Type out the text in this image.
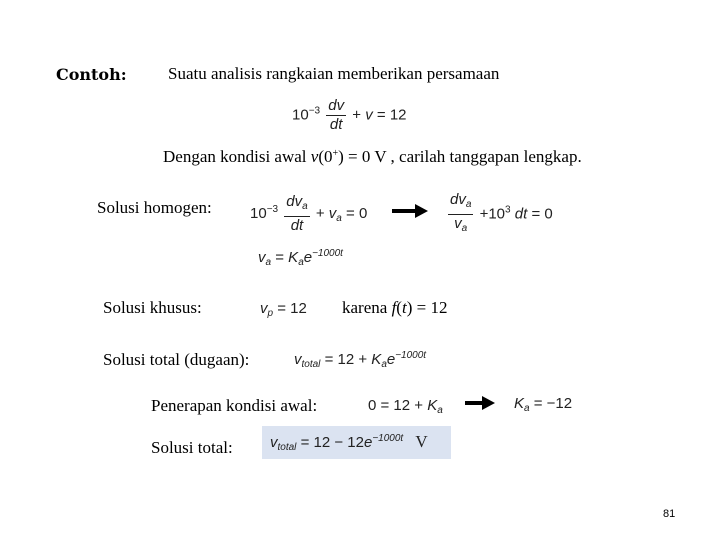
Contoh: Suatu analisis rangkaian memberikan persamaan
$10^{-3} \frac{dv}{dt} + v = 12$
Dengan kondisi awal v(0+) = 0 V , carilah tanggapan lengkap.
Solusi homogen:	$10^{-3} \frac{dv_a}{dt} + v_a = 0$	$\frac{dv_a}{v_a} +10^3$ dt = 0
$v_a = K_ae^{-1000t}$
Solusi khusus:	$v_p = 12$ karena f(t) = 12
Solusi total (dugaan):	$v_{total} = 12 + K_ae^{-1000t}$
Penerapan kondisi awal:	$0 = 12 + K_a$	$K_a = -12$
Solusi total:	$v_{total} = 12 - 12e^{-1000t}$ V
81
